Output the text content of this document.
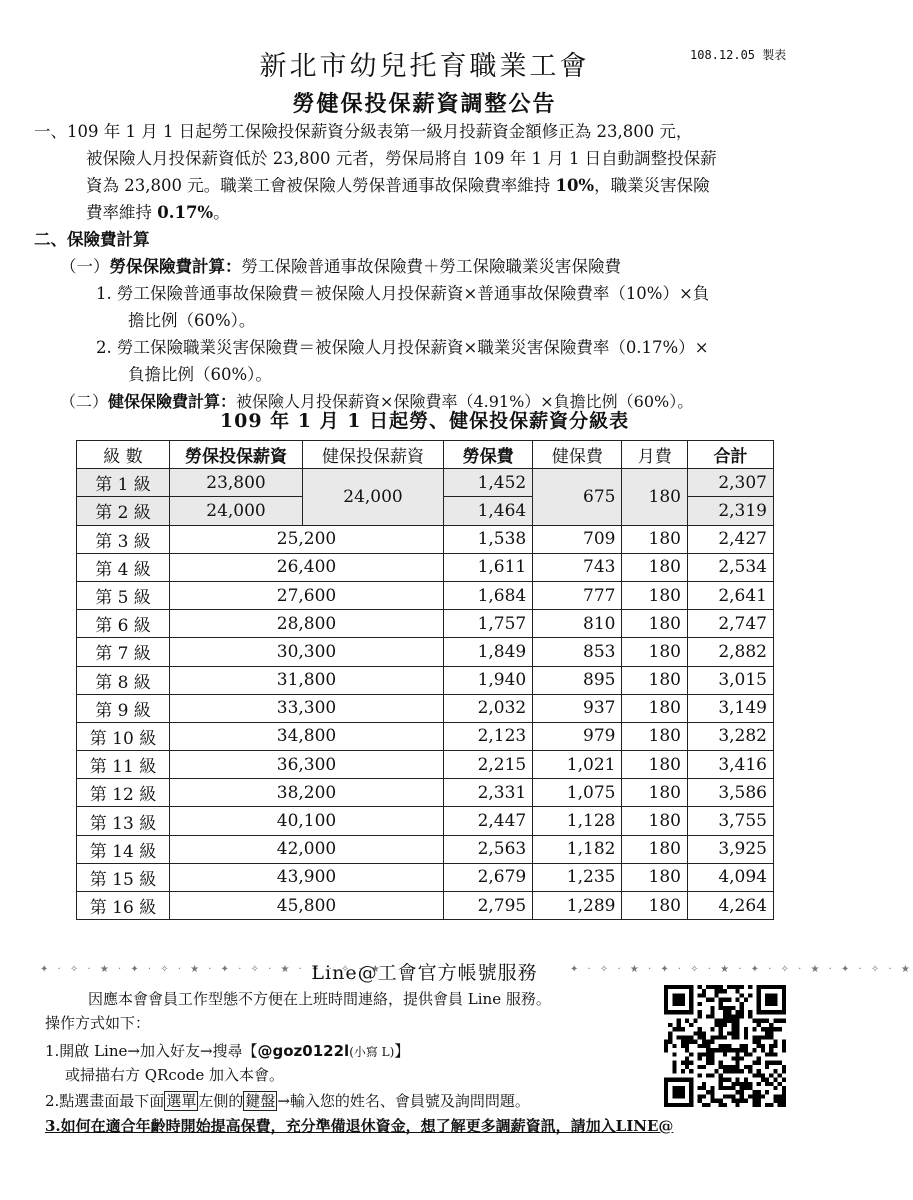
108.12.05 製表
新北市幼兒托育職業工會
勞健保投保薪資調整公告
一、109 年 1 月 1 日起勞工保險投保薪資分級表第一級月投薪資金額修正為 23,800 元，
被保險人月投保薪資低於 23,800 元者，勞保局將自 109 年 1 月 1 日自動調整投保薪
資為 23,800 元。職業工會被保險人勞保普通事故保險費率維持 10%，職業災害保險
費率維持 0.17%。
二、保險費計算
（一）勞保保險費計算：勞工保險普通事故保險費＋勞工保險職業災害保險費
1. 勞工保險普通事故保險費＝被保險人月投保薪資×普通事故保險費率（10%）×負
擔比例（60%）。
2. 勞工保險職業災害保險費＝被保險人月投保薪資×職業災害保險費率（0.17%）×
負擔比例（60%）。
（二）健保保險費計算：被保險人月投保薪資×保險費率（4.91%）×負擔比例（60%）。
109 年 1 月 1 日起勞、健保投保薪資分級表
級 數	勞保投保薪資	健保投保薪資	勞保費	健保費	月費	合計
第 1 級	23,800	24,000	1,452	675	180	2,307
第 2 級	24,000		1,464			2,319
第 3 級	25,200		1,538	709	180	2,427
第 4 級	26,400		1,611	743	180	2,534
第 5 級	27,600		1,684	777	180	2,641
第 6 級	28,800		1,757	810	180	2,747
第 7 級	30,300		1,849	853	180	2,882
第 8 級	31,800		1,940	895	180	3,015
第 9 級	33,300		2,032	937	180	3,149
第 10 級	34,800		2,123	979	180	3,282
第 11 級	36,300		2,215	1,021	180	3,416
第 12 級	38,200		2,331	1,075	180	3,586
第 13 級	40,100		2,447	1,128	180	3,755
第 14 級	42,000		2,563	1,182	180	3,925
第 15 級	43,900		2,679	1,235	180	4,094
第 16 級	45,800		2,795	1,289	180	4,264
✦ · ✧ · ★ · ✦ · ✧ · ★ · ✦ · ✧ · ★ · ✦ · ✧ · ★
Line@工會官方帳號服務	✦ · ✧ · ★ · ✦ · ✧ · ★ · ✦ · ✧ · ★ · ✦ · ✧ · ★
因應本會會員工作型態不方便在上班時間連絡，提供會員 Line 服務。
操作方式如下：
1.開啟 Line→加入好友→搜尋【@goz0122l(小寫 L)】
或掃描右方 QRcode 加入本會。
2.點選畫面最下面 選單 左側的 鍵盤 →輸入您的姓名、會員號及詢問問題。
3.如何在適合年齡時開始提高保費，充分準備退休資金，想了解更多調薪資訊，請加入LINE@
